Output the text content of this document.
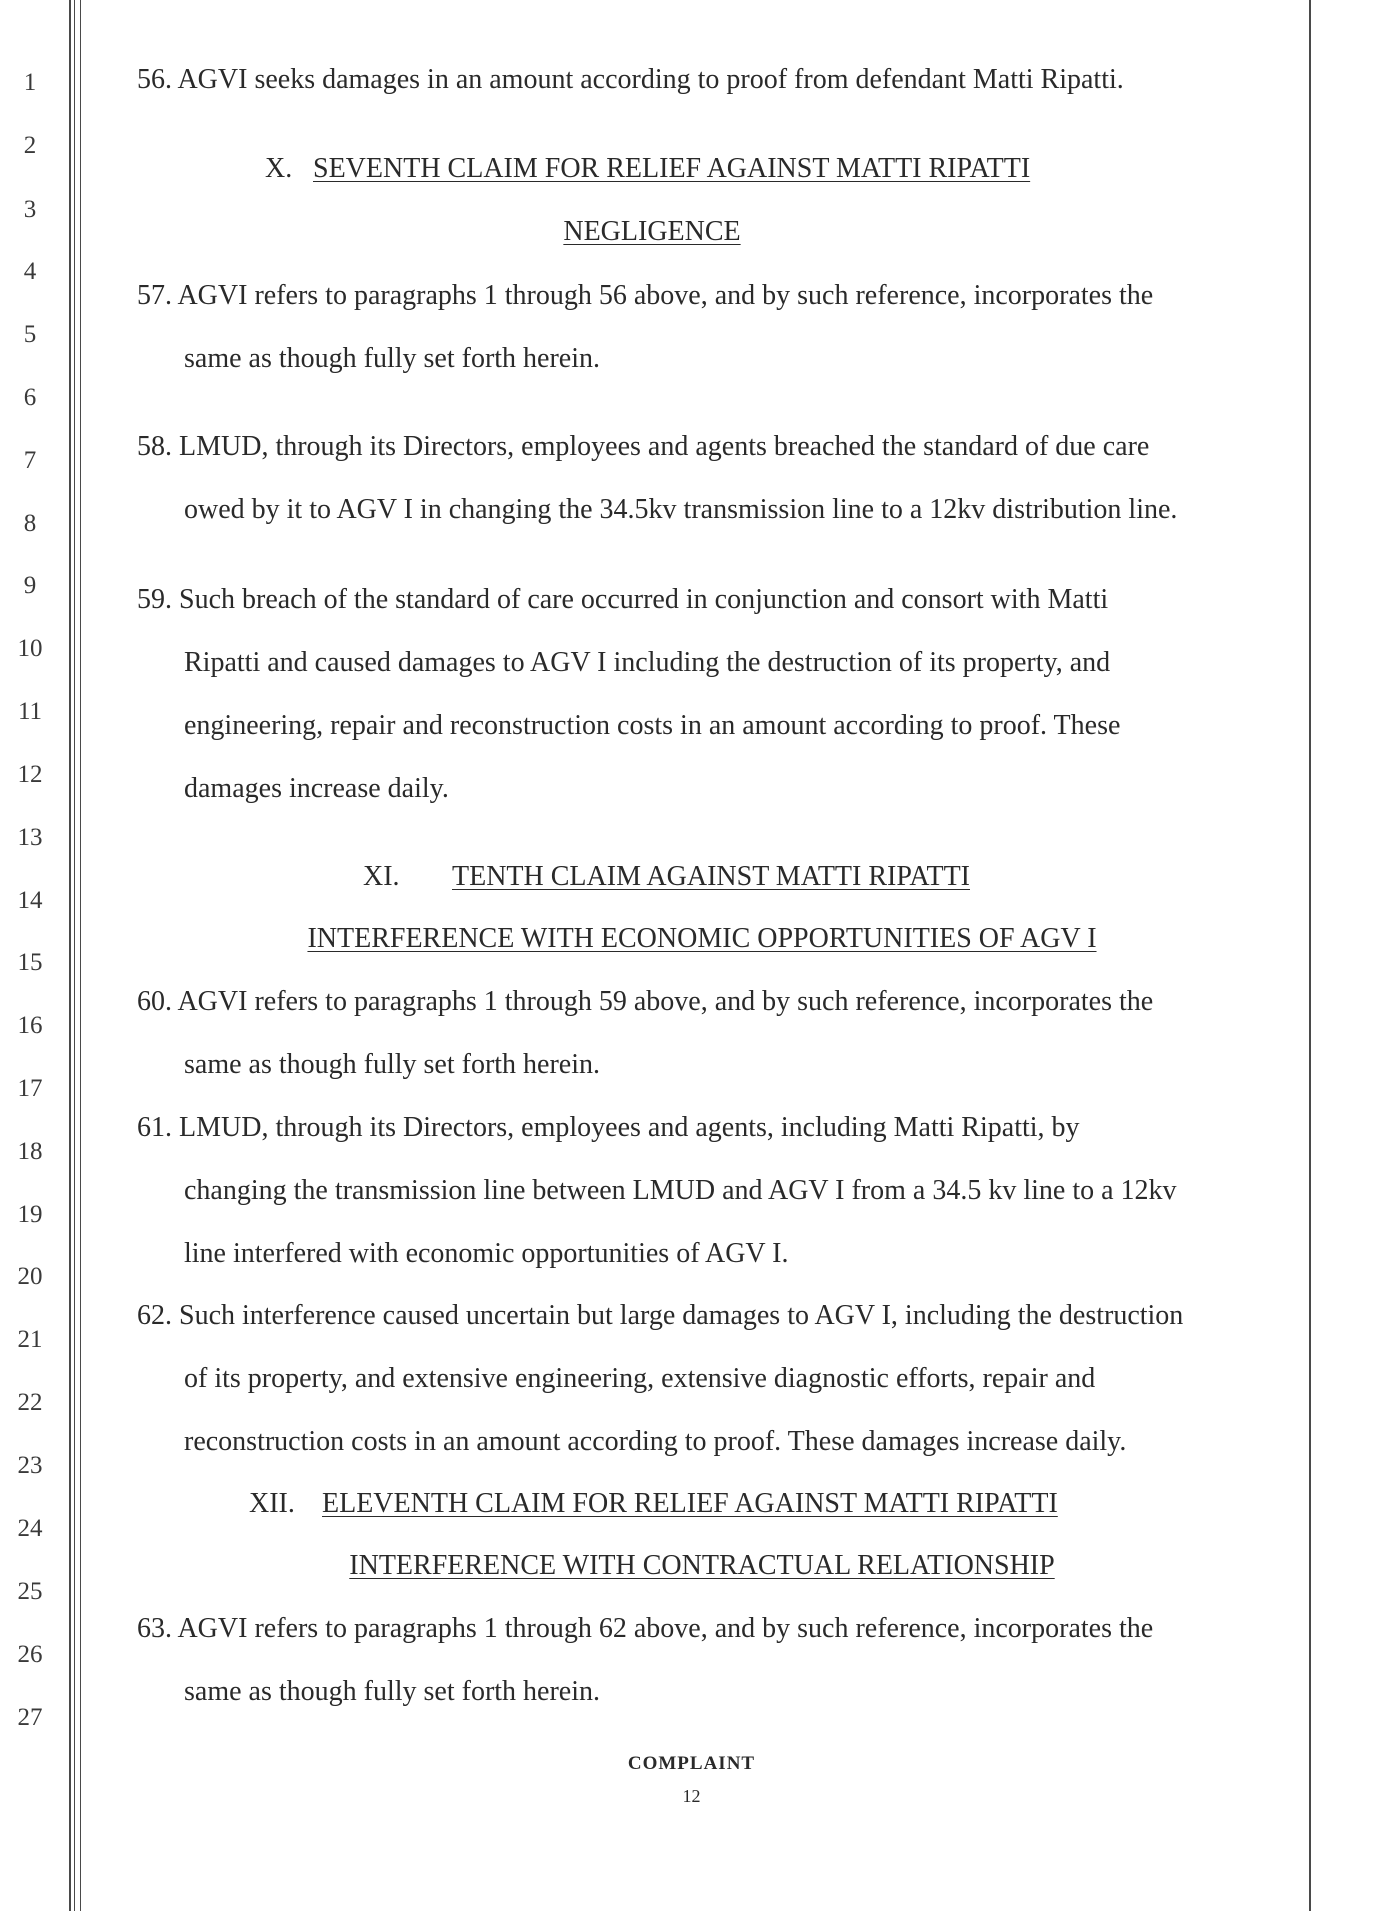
1
2
3
4
5
6
7
8
9
10
11
12
13
14
15
16
17
18
19
20
21
22
23
24
25
26
27
56. AGVI seeks damages in an amount according to proof from defendant Matti Ripatti.
X. SEVENTH CLAIM FOR RELIEF AGAINST MATTI RIPATTI
NEGLIGENCE
57. AGVI refers to paragraphs 1 through 56 above, and by such reference, incorporates the
same as though fully set forth herein.
58. LMUD, through its Directors, employees and agents breached the standard of due care
owed by it to AGV I in changing the 34.5kv transmission line to a 12kv distribution line.
59. Such breach of the standard of care occurred in conjunction and consort with Matti
Ripatti and caused damages to AGV I including the destruction of its property, and
engineering, repair and reconstruction costs in an amount according to proof. These
damages increase daily.
XI. TENTH CLAIM AGAINST MATTI RIPATTI
INTERFERENCE WITH ECONOMIC OPPORTUNITIES OF AGV I
60. AGVI refers to paragraphs 1 through 59 above, and by such reference, incorporates the
same as though fully set forth herein.
61. LMUD, through its Directors, employees and agents, including Matti Ripatti, by
changing the transmission line between LMUD and AGV I from a 34.5 kv line to a 12kv
line interfered with economic opportunities of AGV I.
62. Such interference caused uncertain but large damages to AGV I, including the destruction
of its property, and extensive engineering, extensive diagnostic efforts, repair and
reconstruction costs in an amount according to proof. These damages increase daily.
XII. ELEVENTH CLAIM FOR RELIEF AGAINST MATTI RIPATTI
INTERFERENCE WITH CONTRACTUAL RELATIONSHIP
63. AGVI refers to paragraphs 1 through 62 above, and by such reference, incorporates the
same as though fully set forth herein.
COMPLAINT
12
